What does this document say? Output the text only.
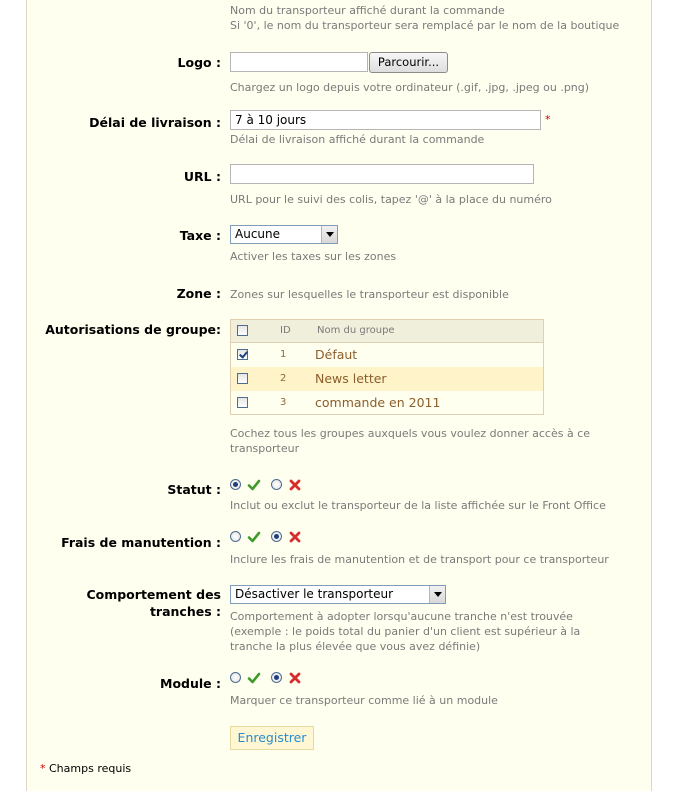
Nom du transporteur affiché durant la commande
Si '0', le nom du transporteur sera remplacé par le nom de la boutique
Logo :	Parcourir...
Chargez un logo depuis votre ordinateur (.gif, .jpg, .jpeg ou .png)
Délai de livraison :	7 à 10 jours	*
Délai de livraison affiché durant la commande
URL :
URL pour le suivi des colis, tapez '@' à la place du numéro
Taxe :	Aucune
Activer les taxes sur les zones
Zone : Zones sur lesquelles le transporteur est disponible
Autorisations de groupe:	ID	Nom du groupe
1 Défaut
2 News letter
3 commande en 2011
Cochez tous les groupes auxquels vous voulez donner accès à ce
transporteur
Statut :
Inclut ou exclut le transporteur de la liste affichée sur le Front Office
Frais de manutention :
Inclure les frais de manutention et de transport pour ce transporteur
Comportement des
tranches :
Désactiver le transporteur
Comportement à adopter lorsqu'aucune tranche n'est trouvée
(exemple : le poids total du panier d'un client est supérieur à la
tranche la plus élevée que vous avez définie)
Module :
Marquer ce transporteur comme lié à un module
Enregistrer
* Champs requis
